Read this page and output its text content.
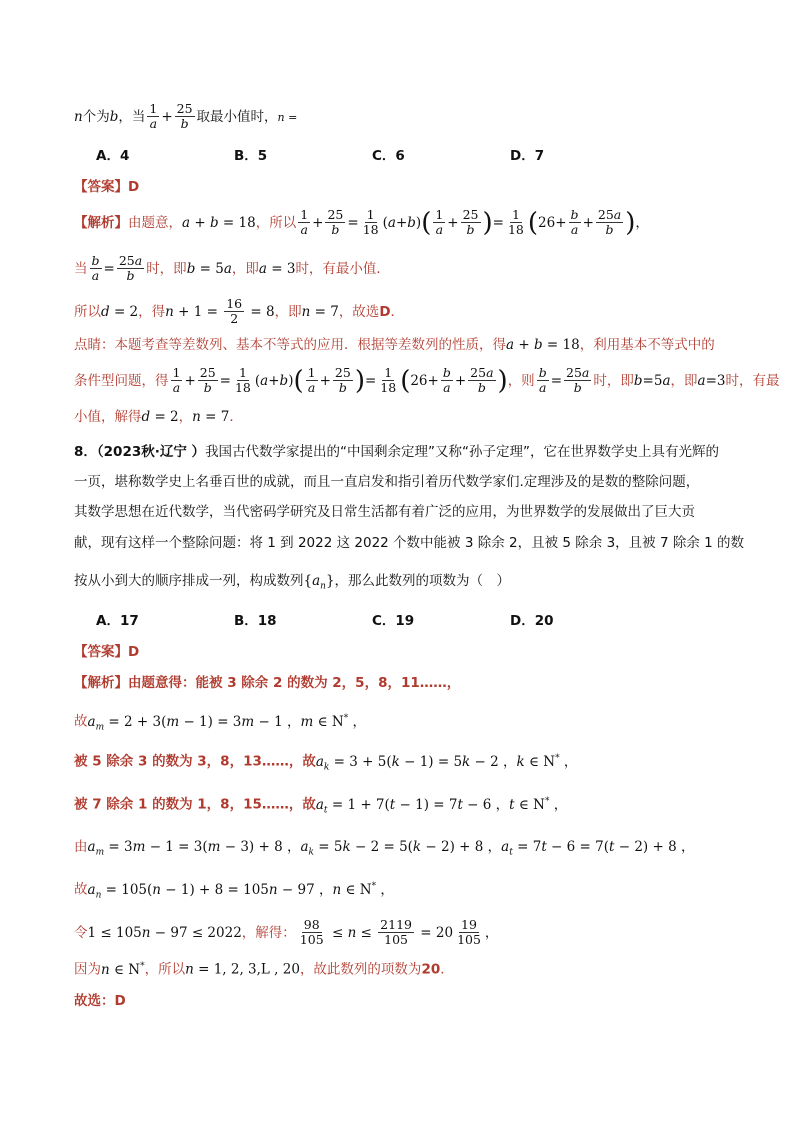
n个为b，当 $\frac{1}{a} + \frac{25}{b}$ 取最小值时，n =
A．4	B．5	C．6	D．7
【答案】D
【解析】由题意，a + b = 18，所以 $\frac{1}{a} + \frac{25}{b} = \frac{1}{18} (a+b)( \frac{1}{a} + \frac{25}{b}$ )= $\frac{1}{18} (26+ \frac{b}{a} + \frac{25a}{b}$ )，
当 $\frac{b}{a} = \frac{25a}{b}$ 时，即b = 5a，即a = 3时，有最小值．
所以d = 2，得$n + 1 = \frac{16}{2} = 8$，即n = 7，故选D．
点睛：本题考查等差数列、基本不等式的应用．根据等差数列的性质，得a + b = 18，利用基本不等式中的
条件型问题，得 $\frac{1}{a} + \frac{25}{b} = \frac{1}{18} (a+b)( \frac{1}{a} + \frac{25}{b}$ )= $\frac{1}{18} (26+ \frac{b}{a} + \frac{25a}{b}$ )，则 $\frac{b}{a} = \frac{25a}{b}$ 时，即b=5a，即a=3时，有最
小值，解得d = 2，n = 7．
8．（2023秋·辽宁 ）我国古代数学家提出的“中国剩余定理”又称“孙子定理”，它在世界数学史上具有光辉的
一页，堪称数学史上名垂百世的成就，而且一直启发和指引着历代数学家们.定理涉及的是数的整除问题，
其数学思想在近代数学，当代密码学研究及日常生活都有着广泛的应用，为世界数学的发展做出了巨大贡
献，现有这样一个整除问题：将 1 到 2022 这 2022 个数中能被 3 除余 2，且被 5 除余 3，且被 7 除余 1 的数
按从小到大的顺序排成一列，构成数列$\{a_n\}$，那么此数列的项数为（　）
A．17	B．18	C．19	D．20
【答案】D
【解析】由题意得：能被 3 除余 2 的数为 2，5，8，11……，
故$a_m = 2 + 3(m - 1) = 3m - 1$ ，m ∈ N* ，
被 5 除余 3 的数为 3，8，13……，故$a_k = 3 + 5(k - 1) = 5k - 2$ ，k ∈ N* ，
被 7 除余 1 的数为 1，8，15……，故$a_t = 1 + 7(t - 1) = 7t - 6$ ，t ∈ N* ，
由$a_m = 3m - 1 = 3(m - 3) + 8$ ，$a_k = 5k - 2 = 5(k - 2) + 8$ ，$a_t = 7t - 6 = 7(t - 2) + 8$ ，
故$a_n = 105(n - 1) + 8 = 105n - 97$ ，n ∈ N* ，
令1 ≤ 105n − 97 ≤ 2022，解得： $\frac{98}{105} \le n \le \frac{2119}{105} = 20 \frac{19}{105}$ ，
因为n ∈ N*，所以n = 1, 2, 3,L , 20，故此数列的项数为20.
故选：D
